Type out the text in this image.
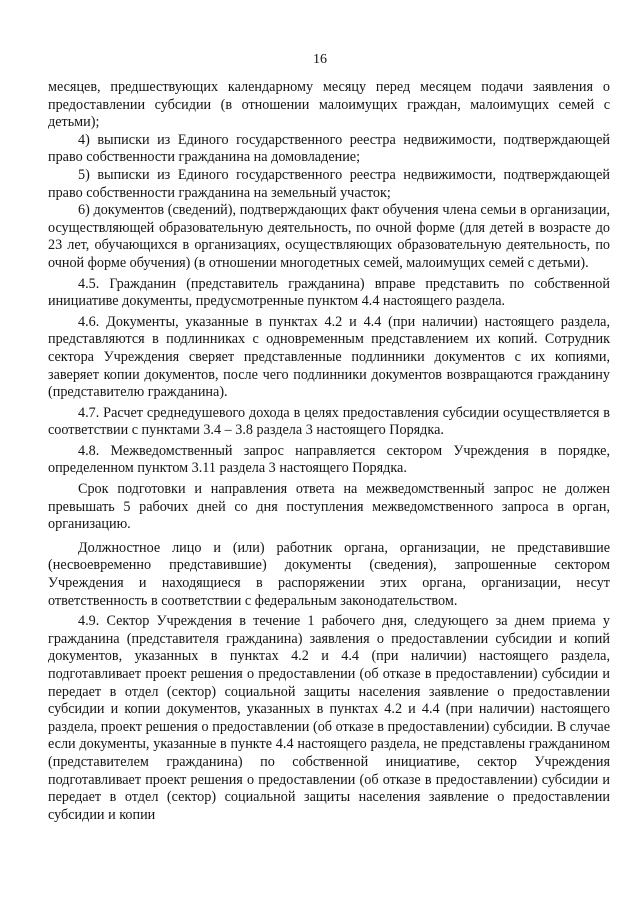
16

месяцев, предшествующих календарному месяцу перед месяцем подачи заявления о предоставлении субсидии (в отношении малоимущих граждан, малоимущих семей с детьми);

4) выписки из Единого государственного реестра недвижимости, подтверждающей право собственности гражданина на домовладение;

5) выписки из Единого государственного реестра недвижимости, подтверждающей право собственности гражданина на земельный участок;

6) документов (сведений), подтверждающих факт обучения члена семьи в организации, осуществляющей образовательную деятельность, по очной форме (для детей в возрасте до 23 лет, обучающихся в организациях, осуществляющих образовательную деятельность, по очной форме обучения) (в отношении многодетных семей, малоимущих семей с детьми).

4.5. Гражданин (представитель гражданина) вправе представить по собственной инициативе документы, предусмотренные пунктом 4.4 настоящего раздела.

4.6. Документы, указанные в пунктах 4.2 и 4.4 (при наличии) настоящего раздела, представляются в подлинниках с одновременным представлением их копий. Сотрудник сектора Учреждения сверяет представленные подлинники документов с их копиями, заверяет копии документов, после чего подлинники документов возвращаются гражданину (представителю гражданина).

4.7. Расчет среднедушевого дохода в целях предоставления субсидии осуществляется в соответствии с пунктами 3.4 – 3.8 раздела 3 настоящего Порядка.

4.8. Межведомственный запрос направляется сектором Учреждения в порядке, определенном пунктом 3.11 раздела 3 настоящего Порядка.

Срок подготовки и направления ответа на межведомственный запрос не должен превышать 5 рабочих дней со дня поступления межведомственного запроса в орган, организацию.

Должностное лицо и (или) работник органа, организации, не представившие (несвоевременно представившие) документы (сведения), запрошенные сектором Учреждения и находящиеся в распоряжении этих органа, организации, несут ответственность в соответствии с федеральным законодательством.

4.9. Сектор Учреждения в течение 1 рабочего дня, следующего за днем приема у гражданина (представителя гражданина) заявления о предоставлении субсидии и копий документов, указанных в пунктах 4.2 и 4.4 (при наличии) настоящего раздела, подготавливает проект решения о предоставлении (об отказе в предоставлении) субсидии и передает в отдел (сектор) социальной защиты населения заявление о предоставлении субсидии и копии документов, указанных в пунктах 4.2 и 4.4 (при наличии) настоящего раздела, проект решения о предоставлении (об отказе в предоставлении) субсидии. В случае если документы, указанные в пункте 4.4 настоящего раздела, не представлены гражданином (представителем гражданина) по собственной инициативе, сектор Учреждения подготавливает проект решения о предоставлении (об отказе в предоставлении) субсидии и передает в отдел (сектор) социальной защиты населения заявление о предоставлении субсидии и копии
